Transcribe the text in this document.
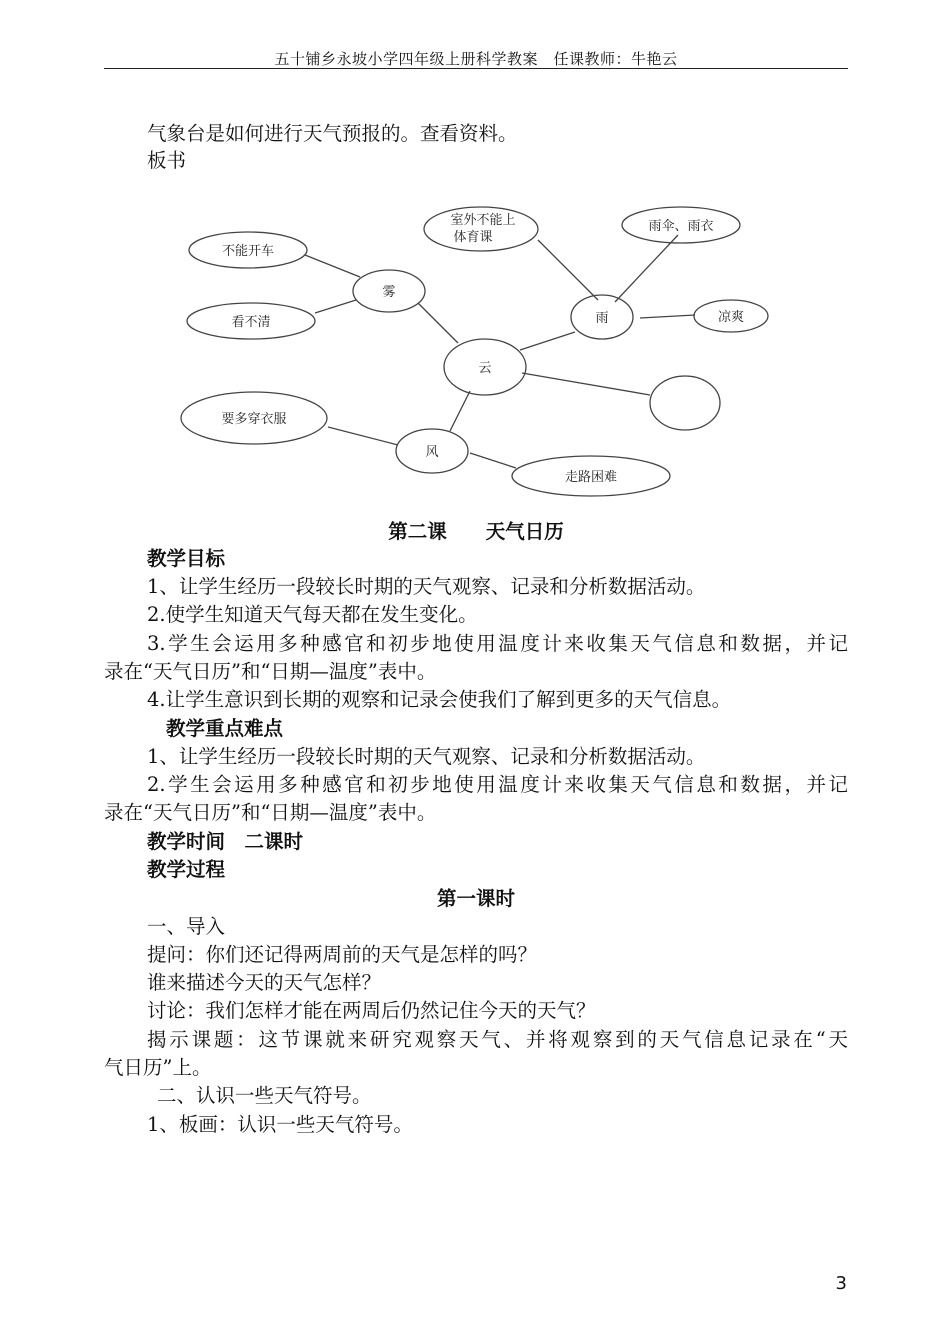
五十铺乡永坡小学四年级上册科学教案　任课教师：牛艳云
气象台是如何进行天气预报的。查看资料。
板书
云
雾
不能开车
看不清	雨
室外不能上
体育课
雨伞、雨衣
凉爽
风
要多穿衣服
走路困难
第二课　　天气日历
教学目标
1、让学生经历一段较长时期的天气观察、记录和分析数据活动。
2.使学生知道天气每天都在发生变化。
3.学生会运用多种感官和初步地使用温度计来收集天气信息和数据，并记
录在“天气日历”和“日期—温度”表中。
4.让学生意识到长期的观察和记录会使我们了解到更多的天气信息。
教学重点难点
1、让学生经历一段较长时期的天气观察、记录和分析数据活动。
2.学生会运用多种感官和初步地使用温度计来收集天气信息和数据，并记
录在“天气日历”和“日期—温度”表中。
教学时间　二课时
教学过程
第一课时
一、导入
提问：你们还记得两周前的天气是怎样的吗？
谁来描述今天的天气怎样？
讨论：我们怎样才能在两周后仍然记住今天的天气？
揭示课题：这节课就来研究观察天气、并将观察到的天气信息记录在“天
气日历”上。
二、认识一些天气符号。
1、板画：认识一些天气符号。
3
